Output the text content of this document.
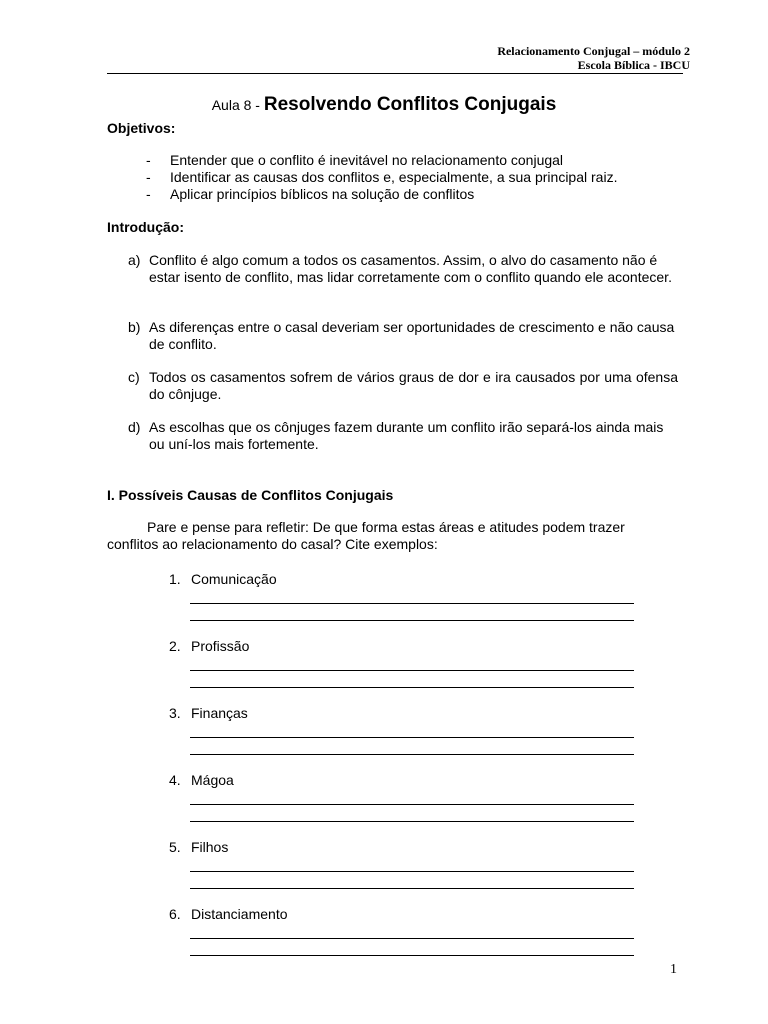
Relacionamento Conjugal – módulo 2
Escola Bíblica - IBCU
Aula 8 - Resolvendo Conflitos Conjugais
Objetivos:
- Entender que o conflito é inevitável no relacionamento conjugal
- Identificar as causas dos conflitos e, especialmente, a sua principal raiz.
- Aplicar princípios bíblicos na solução de conflitos
Introdução:
a) Conflito é algo comum a todos os casamentos. Assim, o alvo do casamento não é estar isento de conflito, mas lidar corretamente com o conflito quando ele acontecer.
b) As diferenças entre o casal deveriam ser oportunidades de crescimento e não causa de conflito.
c) Todos os casamentos sofrem de vários graus de dor e ira causados por uma ofensa do cônjuge.
d) As escolhas que os cônjuges fazem durante um conflito irão separá-los ainda mais ou uní-los mais fortemente.
I. Possíveis Causas de Conflitos Conjugais
Pare e pense para refletir: De que forma estas áreas e atitudes podem trazer conflitos ao relacionamento do casal? Cite exemplos:
1. Comunicação
2. Profissão
3. Finanças
4. Mágoa
5. Filhos
6. Distanciamento
1
